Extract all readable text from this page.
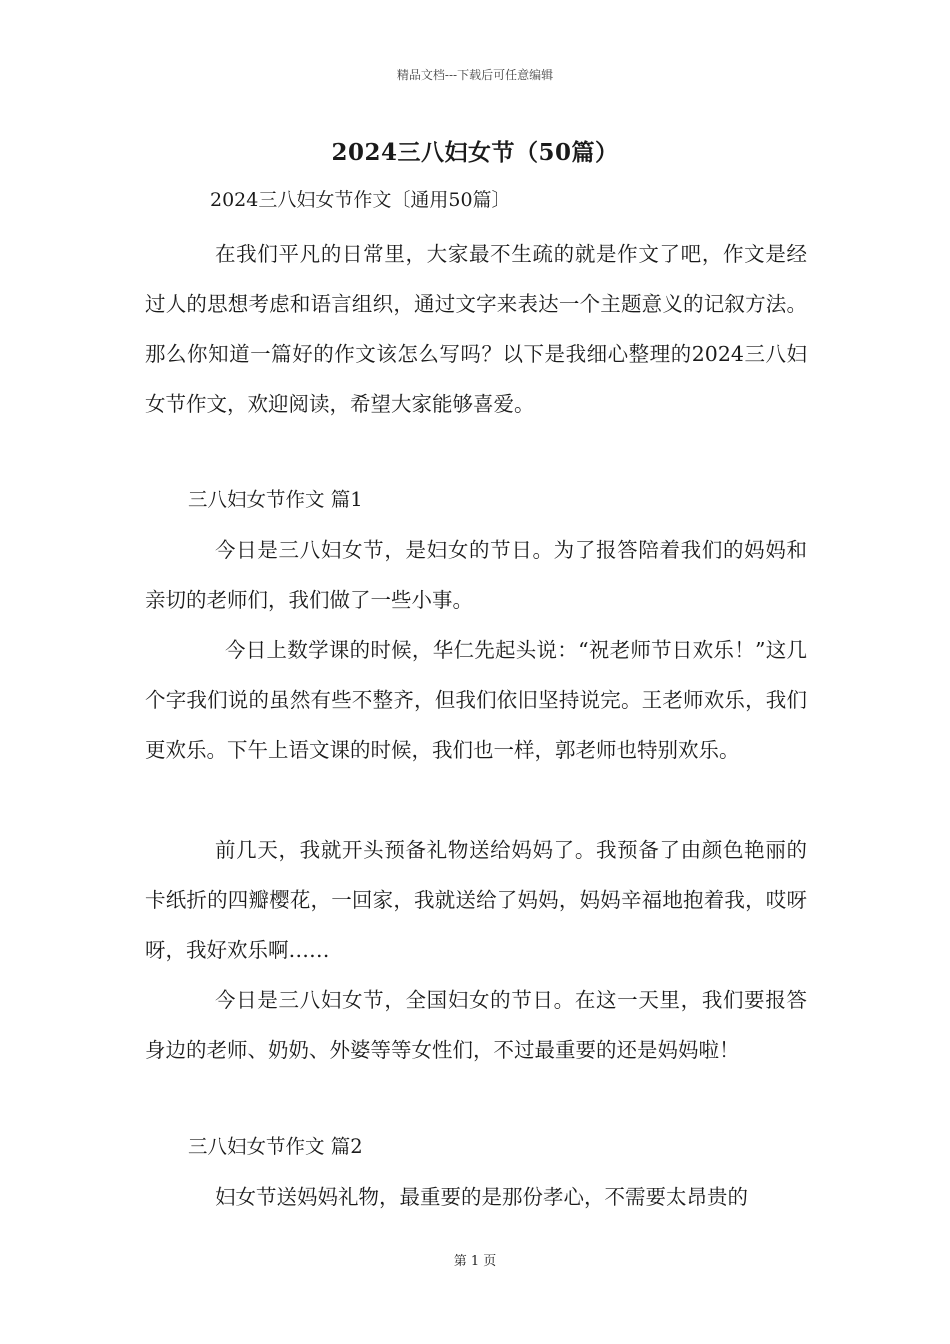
精品文档---下载后可任意编辑
2024三八妇女节（50篇）
2024三八妇女节作文〔通用50篇〕

在我们平凡的日常里，大家最不生疏的就是作文了吧，作文是经过人的思想考虑和语言组织，通过文字来表达一个主题意义的记叙方法。那么你知道一篇好的作文该怎么写吗？以下是我细心整理的2024三八妇女节作文，欢迎阅读，希望大家能够喜爱。

三八妇女节作文 篇1

今日是三八妇女节，是妇女的节日。为了报答陪着我们的妈妈和亲切的老师们，我们做了一些小事。

今日上数学课的时候，华仁先起头说：“祝老师节日欢乐！”这几个字我们说的虽然有些不整齐，但我们依旧坚持说完。王老师欢乐，我们更欢乐。下午上语文课的时候，我们也一样，郭老师也特别欢乐。

前几天，我就开头预备礼物送给妈妈了。我预备了由颜色艳丽的卡纸折的四瓣樱花，一回家，我就送给了妈妈，妈妈辛福地抱着我，哎呀呀，我好欢乐啊……

今日是三八妇女节，全国妇女的节日。在这一天里，我们要报答身边的老师、奶奶、外婆等等女性们，不过最重要的还是妈妈啦！

三八妇女节作文 篇2

妇女节送妈妈礼物，最重要的是那份孝心，不需要太昂贵的

第 1 页
